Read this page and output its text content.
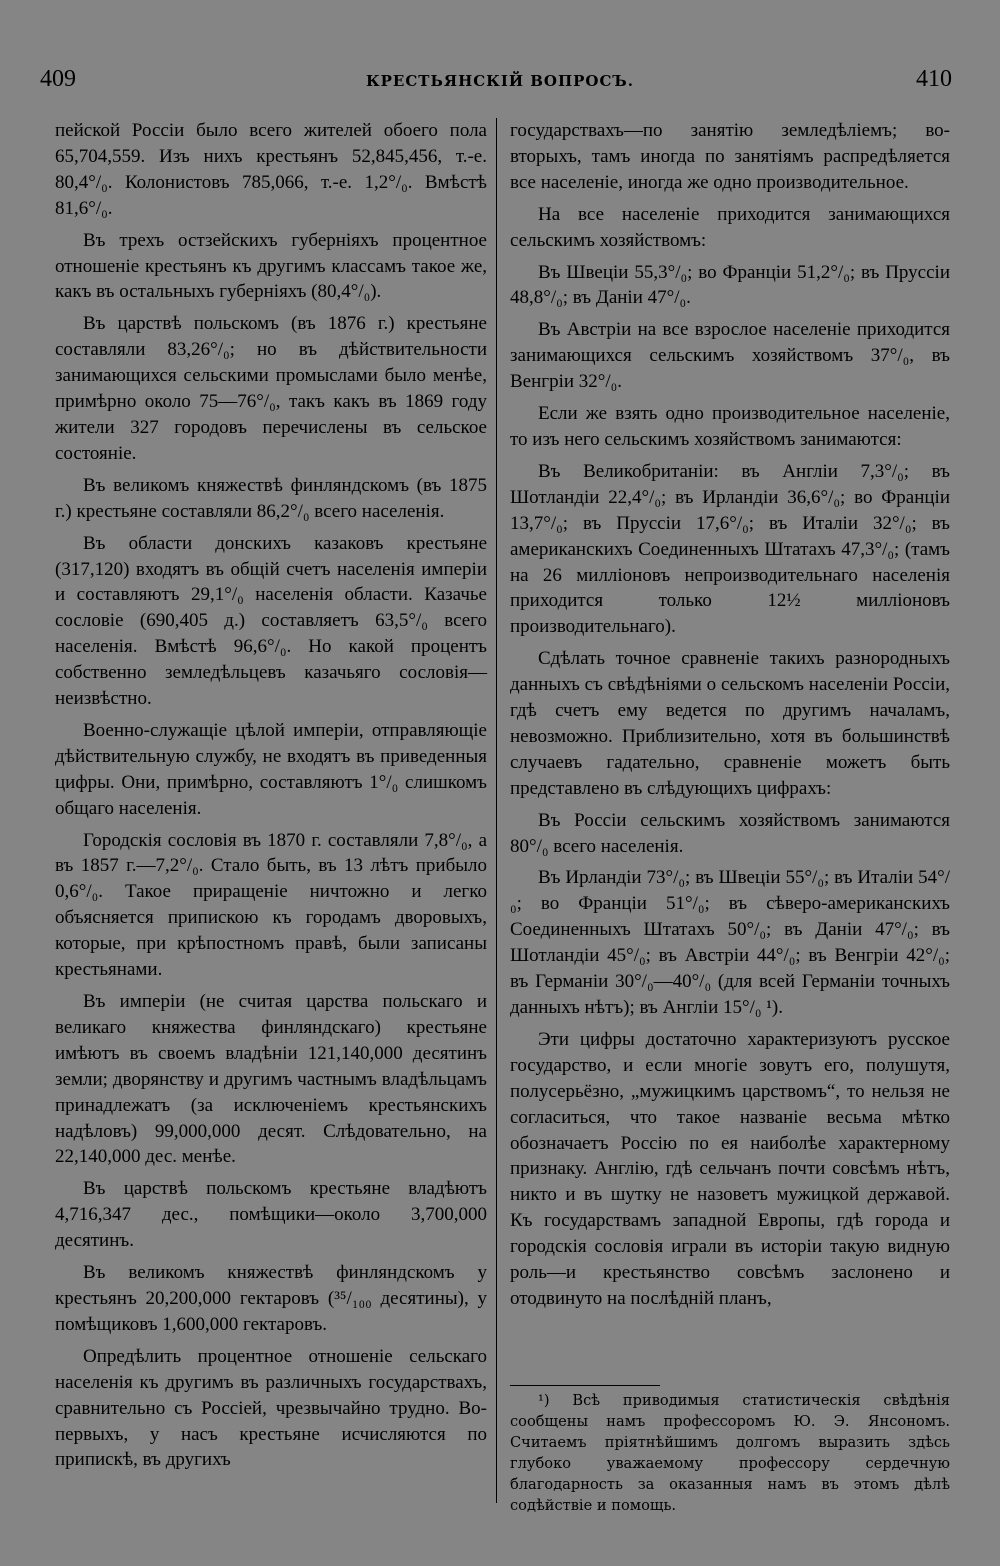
409	КРЕСТЬЯНСКІЙ ВОПРОСЪ.	410

пейской Россіи было всего жителей обоего пола 65,704,559. Изъ нихъ крестьянъ 52,845,456, т.-е. 80,4°/₀. Колонистовъ 785,066, т.-е. 1,2°/₀. Вмѣстѣ 81,6°/₀.

Въ трехъ остзейскихъ губерніяхъ процентное отношеніе крестьянъ къ другимъ классамъ такое же, какъ въ остальныхъ губерніяхъ (80,4°/₀).

Въ царствѣ польскомъ (въ 1876 г.) крестьяне составляли 83,26°/₀; но въ дѣйствительности занимающихся сельскими промыслами было менѣе, примѣрно около 75—76°/₀, такъ какъ въ 1869 году жители 327 городовъ перечислены въ сельское состояніе.

Въ великомъ княжествѣ финляндскомъ (въ 1875 г.) крестьяне составляли 86,2°/₀ всего населенія.

Въ области донскихъ казаковъ крестьяне (317,120) входятъ въ общій счетъ населенія имперіи и составляютъ 29,1°/₀ населенія области. Казачье сословіе (690,405 д.) составляетъ 63,5°/₀ всего населенія. Вмѣстѣ 96,6°/₀. Но какой процентъ собственно земледѣльцевъ казачьяго сословія—неизвѣстно.

Военно-служащіе цѣлой имперіи, отправляющіе дѣйствительную службу, не входятъ въ приведенныя цифры. Они, примѣрно, составляютъ 1°/₀ слишкомъ общаго населенія.

Городскія сословія въ 1870 г. составляли 7,8°/₀, а въ 1857 г.—7,2°/₀. Стало быть, въ 13 лѣтъ прибыло 0,6°/₀. Такое приращеніе ничтожно и легко объясняется припискою къ городамъ дворовыхъ, которые, при крѣпостномъ правѣ, были записаны крестьянами.

Въ имперіи (не считая царства польскаго и великаго княжества финляндскаго) крестьяне имѣютъ въ своемъ владѣніи 121,140,000 десятинъ земли; дворянству и другимъ частнымъ владѣльцамъ принадлежатъ (за исключеніемъ крестьянскихъ надѣловъ) 99,000,000 десят. Слѣдовательно, на 22,140,000 дес. менѣе.

Въ царствѣ польскомъ крестьяне владѣютъ 4,716,347 дес., помѣщики—около 3,700,000 десятинъ.

Въ великомъ княжествѣ финляндскомъ у крестьянъ 20,200,000 гектаровъ (³⁵/₁₀₀ десятины), у помѣщиковъ 1,600,000 гектаровъ.

Опредѣлить процентное отношеніе сельскаго населенія къ другимъ въ различныхъ государствахъ, сравнительно съ Россіей, чрезвычайно трудно. Во-первыхъ, у насъ крестьяне исчисляются по припискѣ, въ другихъ

государствахъ—по занятію земледѣліемъ; во-вторыхъ, тамъ иногда по занятіямъ распредѣляется все населеніе, иногда же одно производительное.

На все населеніе приходится занимающихся сельскимъ хозяйствомъ:

Въ Швеціи 55,3°/₀; во Франціи 51,2°/₀; въ Пруссіи 48,8°/₀; въ Даніи 47°/₀.

Въ Австріи на все взрослое населеніе приходится занимающихся сельскимъ хозяйствомъ 37°/₀, въ Венгріи 32°/₀.

Если же взять одно производительное населеніе, то изъ него сельскимъ хозяйствомъ занимаются:

Въ Великобританіи: въ Англіи 7,3°/₀; въ Шотландіи 22,4°/₀; въ Ирландіи 36,6°/₀; во Франціи 13,7°/₀; въ Пруссіи 17,6°/₀; въ Италіи 32°/₀; въ американскихъ Соединенныхъ Штатахъ 47,3°/₀; (тамъ на 26 милліоновъ непроизводительнаго населенія приходится только 12½ милліоновъ производительнаго).

Сдѣлать точное сравненіе такихъ разнородныхъ данныхъ съ свѣдѣніями о сельскомъ населеніи Россіи, гдѣ счетъ ему ведется по другимъ началамъ, невозможно. Приблизительно, хотя въ большинствѣ случаевъ гадательно, сравненіе можетъ быть представлено въ слѣдующихъ цифрахъ:

Въ Россіи сельскимъ хозяйствомъ занимаются 80°/₀ всего населенія.

Въ Ирландіи 73°/₀; въ Швеціи 55°/₀; въ Италіи 54°/₀; во Франціи 51°/₀; въ сѣверо-американскихъ Соединенныхъ Штатахъ 50°/₀; въ Даніи 47°/₀; въ Шотландіи 45°/₀; въ Австріи 44°/₀; въ Венгріи 42°/₀; въ Германіи 30°/₀—40°/₀ (для всей Германіи точныхъ данныхъ нѣтъ); въ Англіи 15°/₀ ¹).

Эти цифры достаточно характеризуютъ русское государство, и если многіе зовутъ его, полушутя, полусерьёзно, „мужицкимъ царствомъ“, то нельзя не согласиться, что такое названіе весьма мѣтко обозначаетъ Россію по ея наиболѣе характерному признаку. Англію, гдѣ сельчанъ почти совсѣмъ нѣтъ, никто и въ шутку не назоветъ мужицкой державой. Къ государствамъ западной Европы, гдѣ города и городскія сословія играли въ исторіи такую видную роль—и крестьянство совсѣмъ заслонено и отодвинуто на послѣдній планъ,

¹) Всѣ приводимыя статистическія свѣдѣнія сообщены намъ профессоромъ Ю. Э. Янсономъ. Считаемъ пріятнѣйшимъ долгомъ выразить здѣсь глубоко уважаемому профессору сердечную благодарность за оказанныя намъ въ этомъ дѣлѣ содѣйствіе и помощь.
